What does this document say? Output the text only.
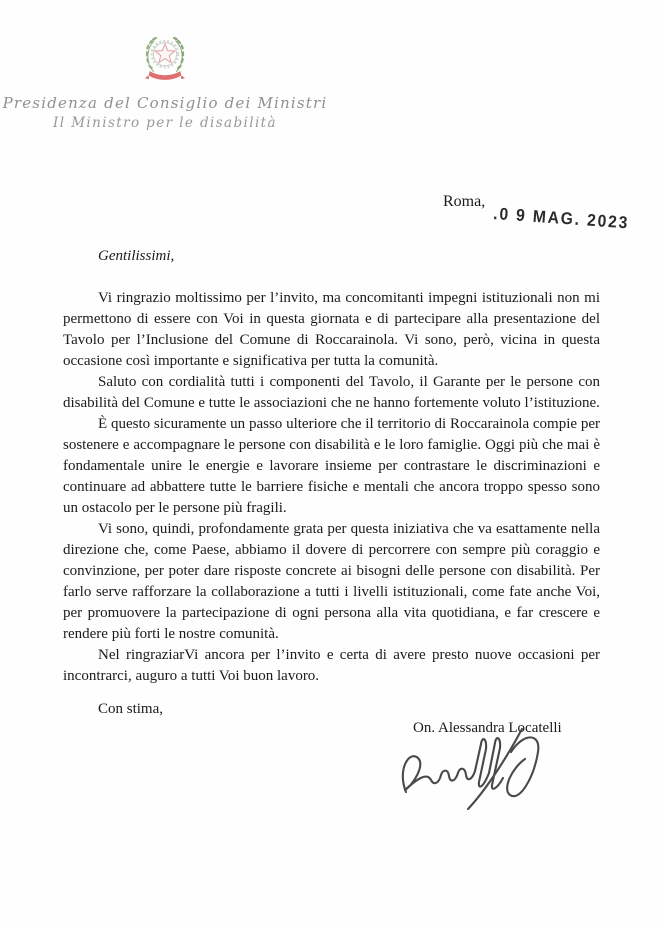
Presidenza del Consiglio dei Ministri
Il Ministro per le disabilità
Roma,
.0 9 MAG. 2023
Gentilissimi,

Vi ringrazio moltissimo per l’invito, ma concomitanti impegni istituzionali non mi permettono di essere con Voi in questa giornata e di partecipare alla presentazione del Tavolo per l’Inclusione del Comune di Roccarainola. Vi sono, però, vicina in questa occasione così importante e significativa per tutta la comunità.

Saluto con cordialità tutti i componenti del Tavolo, il Garante per le persone con disabilità del Comune e tutte le associazioni che ne hanno fortemente voluto l’istituzione.

È questo sicuramente un passo ulteriore che il territorio di Roccarainola compie per sostenere e accompagnare le persone con disabilità e le loro famiglie. Oggi più che mai è fondamentale unire le energie e lavorare insieme per contrastare le discriminazioni e continuare ad abbattere tutte le barriere fisiche e mentali che ancora troppo spesso sono un ostacolo per le persone più fragili.

Vi sono, quindi, profondamente grata per questa iniziativa che va esattamente nella direzione che, come Paese, abbiamo il dovere di percorrere con sempre più coraggio e convinzione, per poter dare risposte concrete ai bisogni delle persone con disabilità. Per farlo serve rafforzare la collaborazione a tutti i livelli istituzionali, come fate anche Voi, per promuovere la partecipazione di ogni persona alla vita quotidiana, e far crescere e rendere più forti le nostre comunità.

Nel ringraziarVi ancora per l’invito e certa di avere presto nuove occasioni per incontrarci, auguro a tutti Voi buon lavoro.

Con stima,
On. Alessandra Locatelli
